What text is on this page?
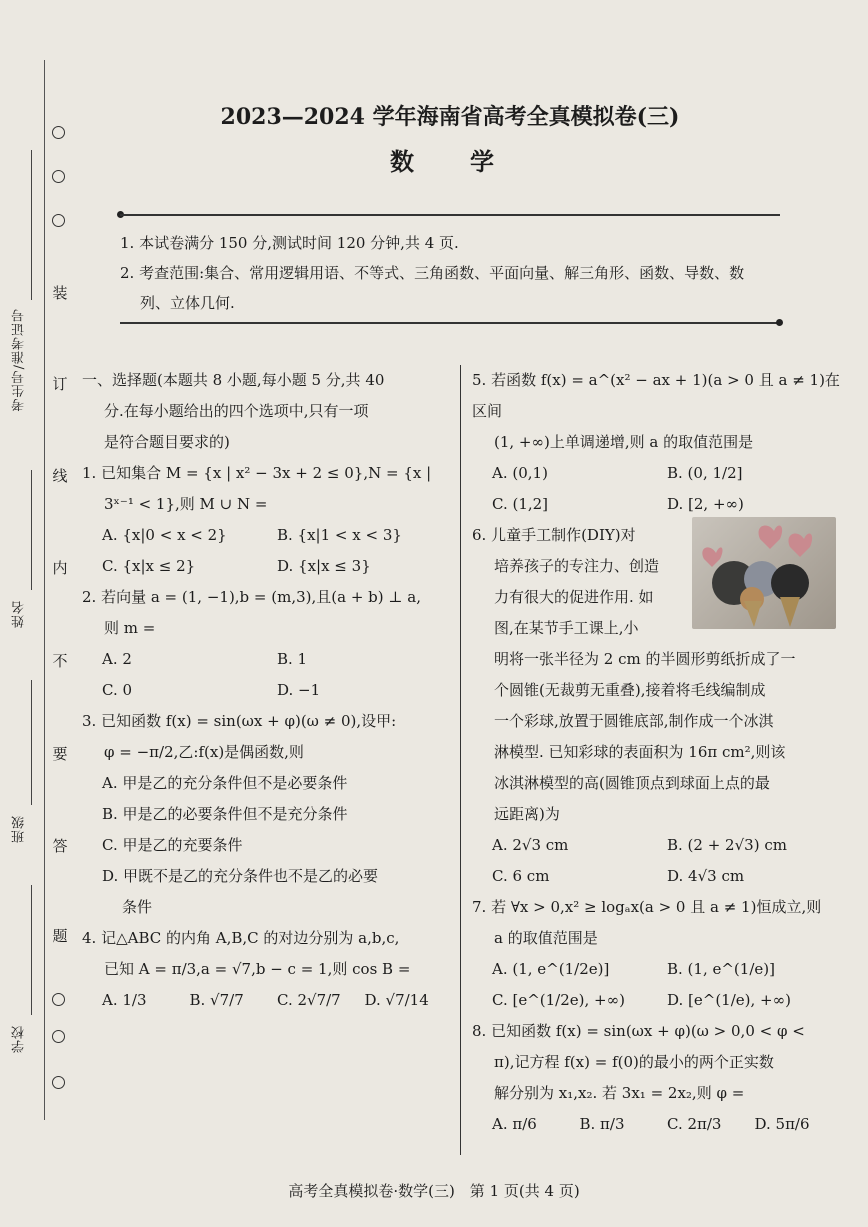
装
订
线
内
不
要
答
题
考生号/准考证号
姓名
班级
学校
2023—2024 学年海南省高考全真模拟卷(三)
数　学
1. 本试卷满分 150 分,测试时间 120 分钟,共 4 页.
2. 考查范围:集合、常用逻辑用语、不等式、三角函数、平面向量、解三角形、函数、导数、数
列、立体几何.

一、选择题(本题共 8 小题,每小题 5 分,共 40

分.在每小题给出的四个选项中,只有一项

是符合题目要求的)

1. 已知集合 M = {x | x² − 3x + 2 ≤ 0},N = {x |

3ˣ⁻¹ < 1},则 M ∪ N =

A. {x|0 < x < 2}	B. {x|1 < x < 3}
C. {x|x ≤ 2}	D. {x|x ≤ 3}

2. 若向量 a = (1, −1),b = (m,3),且(a + b) ⊥ a,

则 m =

A. 2	B. 1
C. 0	D. −1

3. 已知函数 f(x) = sin(ωx + φ)(ω ≠ 0),设甲:

φ = −π/2,乙:f(x)是偶函数,则

A. 甲是乙的充分条件但不是必要条件
B. 甲是乙的必要条件但不是充分条件
C. 甲是乙的充要条件
D. 甲既不是乙的充分条件也不是乙的必要
条件

4. 记△ABC 的内角 A,B,C 的对边分别为 a,b,c,

已知 A = π/3,a = √7,b − c = 1,则 cos B =

A. 1/3	B. √7/7	C. 2√7/7	D. √7/14

5. 若函数 f(x) = a^(x² − ax + 1)(a > 0 且 a ≠ 1)在区间

(1, +∞)上单调递增,则 a 的取值范围是

A. (0,1)	B. (0, 1/2]
C. (1,2]	D. [2, +∞)

6. 儿童手工制作(DIY)对

培养孩子的专注力、创造

力有很大的促进作用. 如

图,在某节手工课上,小

明将一张半径为 2 cm 的半圆形剪纸折成了一

个圆锥(无裁剪无重叠),接着将毛线编制成

一个彩球,放置于圆锥底部,制作成一个冰淇

淋模型. 已知彩球的表面积为 16π cm²,则该

冰淇淋模型的高(圆锥顶点到球面上点的最

远距离)为

A. 2√3 cm	B. (2 + 2√3) cm
C. 6 cm	D. 4√3 cm

7. 若 ∀x > 0,x² ≥ logₐx(a > 0 且 a ≠ 1)恒成立,则

a 的取值范围是

A. (1, e^(1/2e)]	B. (1, e^(1/e)]
C. [e^(1/2e), +∞)	D. [e^(1/e), +∞)

8. 已知函数 f(x) = sin(ωx + φ)(ω > 0,0 < φ <

π),记方程 f(x) = f(0)的最小的两个正实数

解分别为 x₁,x₂. 若 3x₁ = 2x₂,则 φ =

A. π/6	B. π/3	C. 2π/3	D. 5π/6
高考全真模拟卷·数学(三)　第 1 页(共 4 页)
